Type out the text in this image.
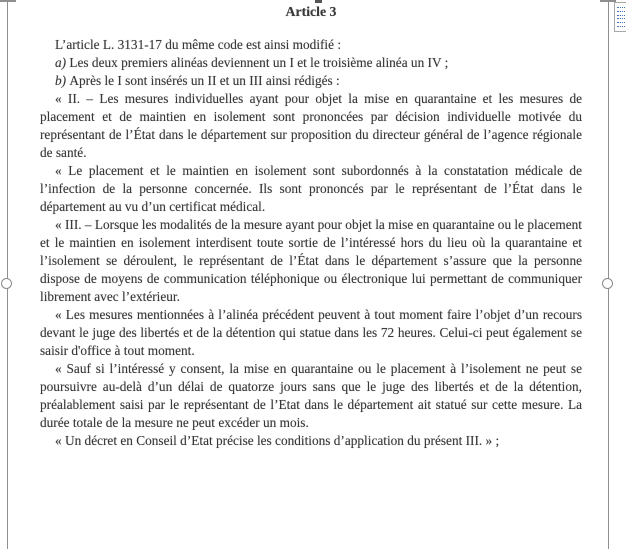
Article 3

L’article L. 3131-17 du même code est ainsi modifié :

a) Les deux premiers alinéas deviennent un I et le troisième alinéa un IV ;

b) Après le I sont insérés un II et un III ainsi rédigés :

« II. – Les mesures individuelles ayant pour objet la mise en quarantaine et les mesures de placement et de maintien en isolement sont prononcées par décision individuelle motivée du représentant de l’État dans le département sur proposition du directeur général de l’agence régionale de santé.

« Le placement et le maintien en isolement sont subordonnés à la constatation médicale de l’infection de la personne concernée. Ils sont prononcés par le représentant de l’État dans le département au vu d’un certificat médical.

« III. – Lorsque les modalités de la mesure ayant pour objet la mise en quarantaine ou le placement et le maintien en isolement interdisent toute sortie de l’intéressé hors du lieu où la quarantaine et l’isolement se déroulent, le représentant de l’État dans le département s’assure que la personne dispose de moyens de communication téléphonique ou électronique lui permettant de communiquer librement avec l’extérieur.

« Les mesures mentionnées à l’alinéa précédent peuvent à tout moment faire l’objet d’un recours devant le juge des libertés et de la détention qui statue dans les 72 heures. Celui-ci peut également se saisir d'office à tout moment.

« Sauf si l’intéressé y consent, la mise en quarantaine ou le placement à l’isolement ne peut se poursuivre au-delà d’un délai de quatorze jours sans que le juge des libertés et de la détention, préalablement saisi par le représentant de l’Etat dans le département ait statué sur cette mesure. La durée totale de la mesure ne peut excéder un mois.

« Un décret en Conseil d’Etat précise les conditions d’application du présent III. » ;
